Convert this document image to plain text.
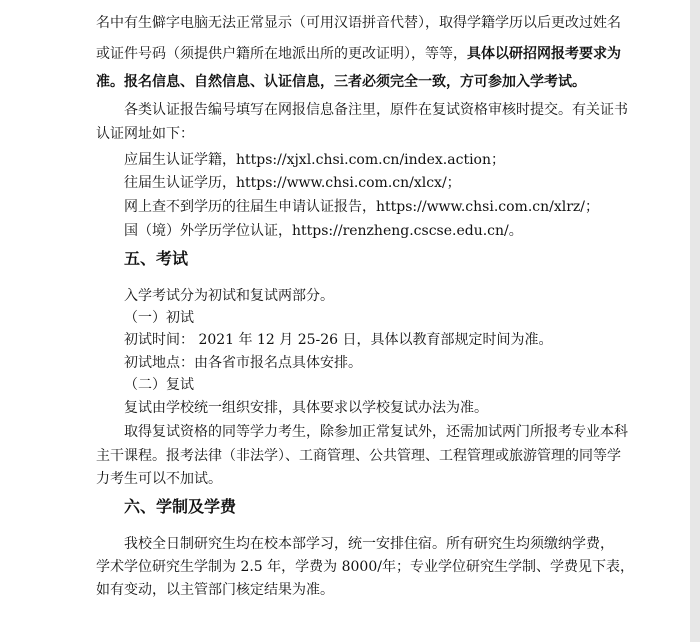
名中有生僻字电脑无法正常显示（可用汉语拼音代替），取得学籍学历以后更改过姓名
或证件号码（须提供户籍所在地派出所的更改证明），等等，具体以研招网报考要求为
准。报名信息、自然信息、认证信息，三者必须完全一致，方可参加入学考试。
各类认证报告编号填写在网报信息备注里，原件在复试资格审核时提交。有关证书
认证网址如下：
应届生认证学籍，https://xjxl.chsi.com.cn/index.action；
往届生认证学历，https://www.chsi.com.cn/xlcx/；
网上查不到学历的往届生申请认证报告，https://www.chsi.com.cn/xlrz/；
国（境）外学历学位认证，https://renzheng.cscse.edu.cn/。
五、考试
入学考试分为初试和复试两部分。
（一）初试
初试时间： 2021 年 12 月 25-26 日，具体以教育部规定时间为准。
初试地点：由各省市报名点具体安排。
（二）复试
复试由学校统一组织安排，具体要求以学校复试办法为准。
取得复试资格的同等学力考生，除参加正常复试外，还需加试两门所报考专业本科
主干课程。报考法律（非法学）、工商管理、公共管理、工程管理或旅游管理的同等学
力考生可以不加试。
六、学制及学费
我校全日制研究生均在校本部学习，统一安排住宿。所有研究生均须缴纳学费，
学术学位研究生学制为 2.5 年，学费为 8000/年；专业学位研究生学制、学费见下表，
如有变动，以主管部门核定结果为准。
